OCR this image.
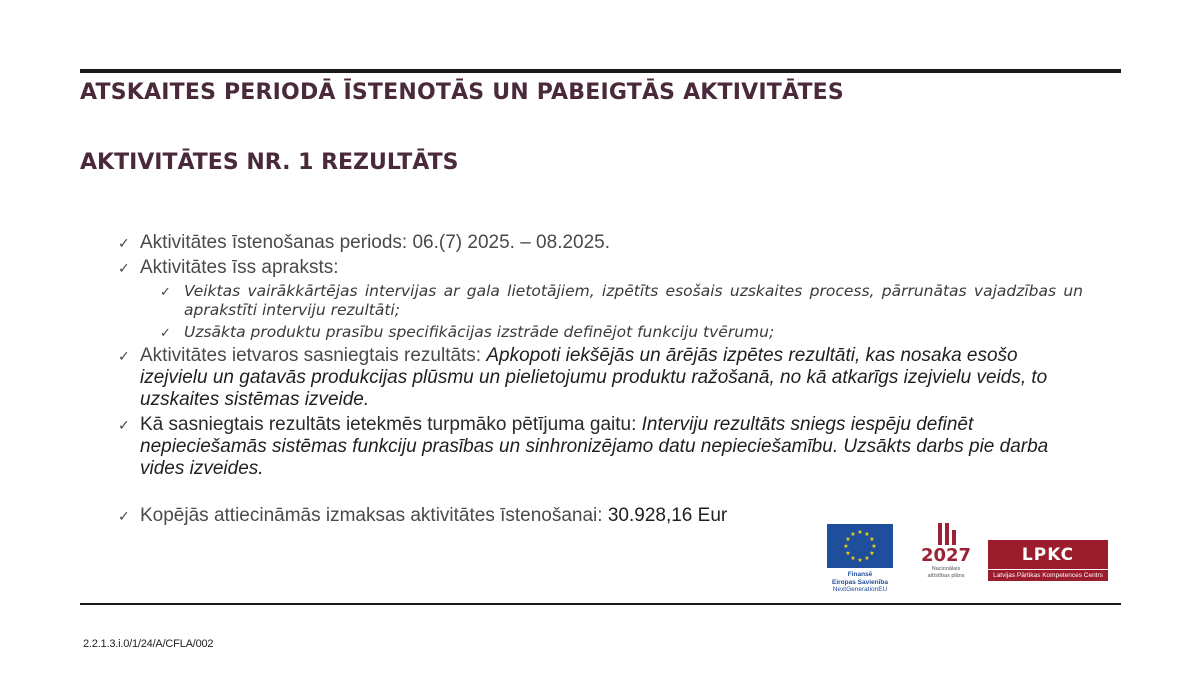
ATSKAITES PERIODĀ ĪSTENOTĀS UN PABEIGTĀS AKTIVITĀTES
AKTIVITĀTES NR. 1 REZULTĀTS
✓ Aktivitātes īstenošanas periods: 06.(7) 2025. – 08.2025.
✓ Aktivitātes īss apraksts:
✓ Veiktas vairākkārtējas intervijas ar gala lietotājiem, izpētīts esošais uzskaites process, pārrunātas vajadzības un aprakstīti interviju rezultāti;
✓ Uzsākta produktu prasību specifikācijas izstrāde definējot funkciju tvērumu;
✓ Aktivitātes ietvaros sasniegtais rezultāts: Apkopoti iekšējās un ārējās izpētes rezultāti, kas nosaka esošo izejvielu un gatavās produkcijas plūsmu un pielietojumu produktu ražošanā, no kā atkarīgs izejvielu veids, to uzskaites sistēmas izveide.
✓ Kā sasniegtais rezultāts ietekmēs turpmāko pētījuma gaitu: Interviju rezultāts sniegs iespēju definēt nepieciešamās sistēmas funkciju prasības un sinhronizējamo datu nepieciešamību. Uzsākts darbs pie darba vides izveides.
✓ Kopējās attiecināmās izmaksas aktivitātes īstenošanai: 30.928,16 Eur
★ ★
★
★
★
★
★
★
★
★
★
★
Finansē
Eiropas Savienība
NextGenerationEU
2027
Nacionālais
attīstības plāns
LPKC
Latvijas Pārtikas Kompetences Centrs
2.2.1.3.i.0/1/24/A/CFLA/002
